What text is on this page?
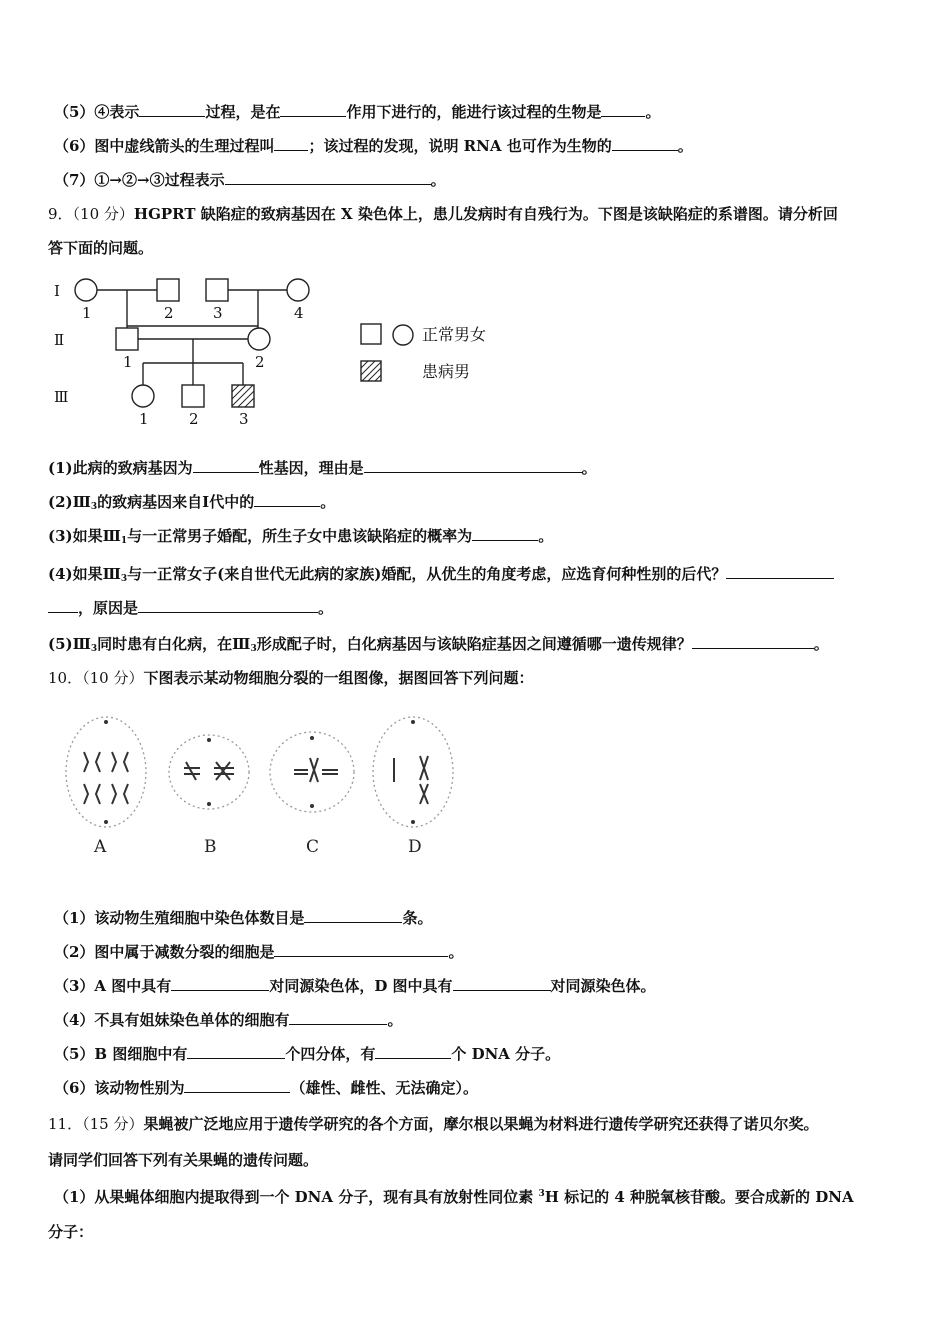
（5）④表示	过程，是在	作用下进行的，能进行该过程的生物是	。
（6）图中虚线箭头的生理过程叫 ；该过程的发现，说明 RNA 也可作为生物的	。
（7）①→②→③过程表示	。
9．（10 分）HGPRT 缺陷症的致病基因在 X 染色体上，患儿发病时有自残行为。下图是该缺陷症的系谱图。请分析回
答下面的问题。
Ⅰ
Ⅱ
Ⅲ
1	2	3	4
1	2
1	2	3
正常男女
患病男
(1)此病的致病基因为	性基因，理由是	。
$(2)Ⅲ_3$的致病基因来自Ⅰ代中的	。
(3)如果$Ⅲ_1$与一正常男子婚配，所生子女中患该缺陷症的概率为	。
(4)如果$Ⅲ_3$与一正常女子(来自世代无此病的家族)婚配，从优生的角度考虑，应选育何种性别的后代？
，原因是	。
$(5)Ⅲ_3$同时患有白化病，在$Ⅲ_3$形成配子时，白化病基因与该缺陷症基因之间遵循哪一遗传规律？	。
10．（10 分）下图表示某动物细胞分裂的一组图像，据图回答下列问题：
A	B	C	D
（1）该动物生殖细胞中染色体数目是	条。
（2）图中属于减数分裂的细胞是	。
（3）A 图中具有	对同源染色体，D 图中具有	对同源染色体。
（4）不具有姐妹染色单体的细胞有	。
（5）B 图细胞中有	个四分体，有	个 DNA 分子。
（6）该动物性别为	（雄性、雌性、无法确定）。
11．（15 分）果蝇被广泛地应用于遗传学研究的各个方面，摩尔根以果蝇为材料进行遗传学研究还获得了诺贝尔奖。
请同学们回答下列有关果蝇的遗传问题。
（1）从果蝇体细胞内提取得到一个 DNA 分子，现有具有放射性同位素 $^3$H 标记的 4 种脱氧核苷酸。要合成新的 DNA
分子：
